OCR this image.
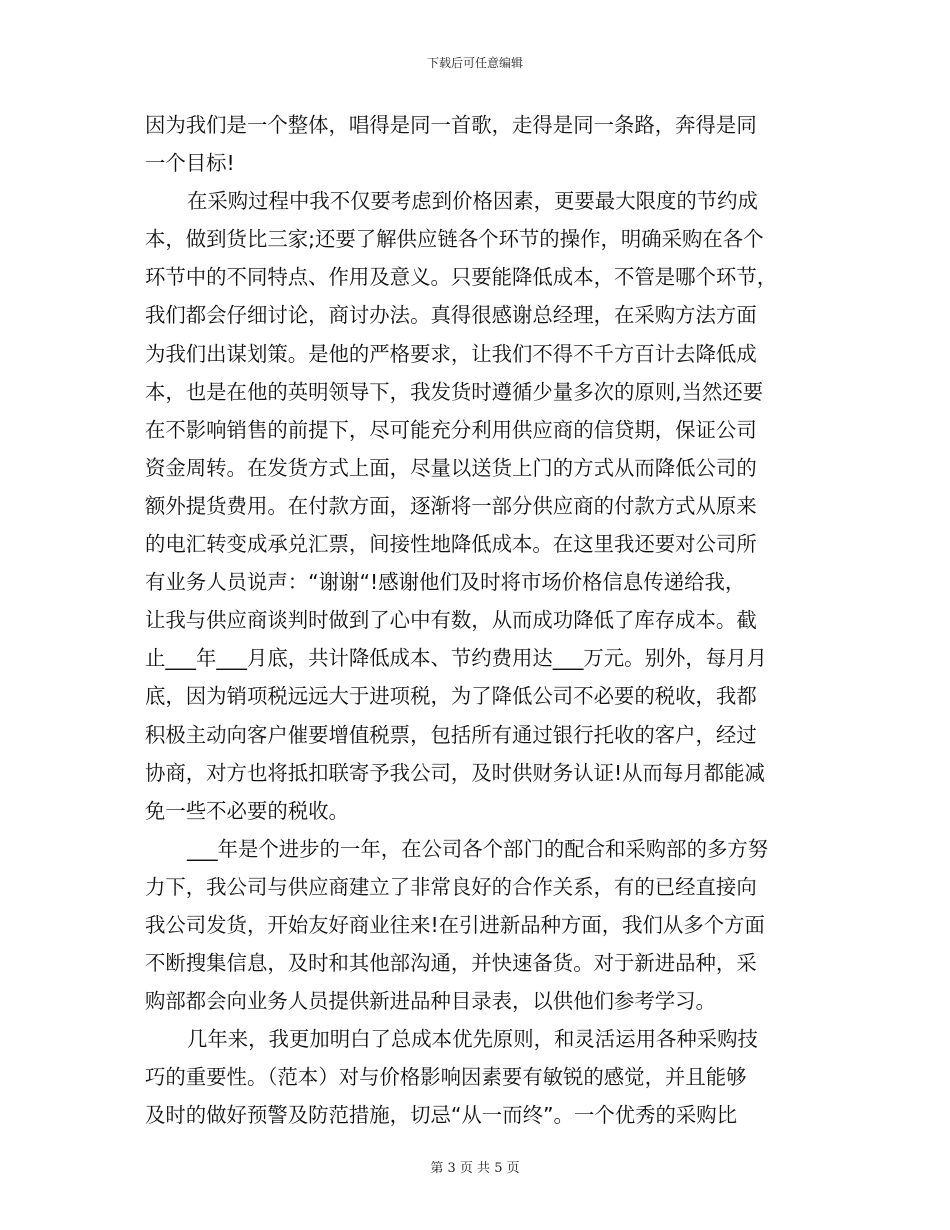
下载后可任意编辑
因为我们是一个整体，唱得是同一首歌，走得是同一条路，奔得是同
一个目标!
在采购过程中我不仅要考虑到价格因素，更要最大限度的节约成
本，做到货比三家;还要了解供应链各个环节的操作，明确采购在各个
环节中的不同特点、作用及意义。只要能降低成本，不管是哪个环节，
我们都会仔细讨论，商讨办法。真得很感谢总经理，在采购方法方面
为我们出谋划策。是他的严格要求，让我们不得不千方百计去降低成
本，也是在他的英明领导下，我发货时遵循少量多次的原则,当然还要
在不影响销售的前提下，尽可能充分利用供应商的信贷期，保证公司
资金周转。在发货方式上面，尽量以送货上门的方式从而降低公司的
额外提货费用。在付款方面，逐渐将一部分供应商的付款方式从原来
的电汇转变成承兑汇票，间接性地降低成本。在这里我还要对公司所
有业务人员说声：“谢谢“!感谢他们及时将市场价格信息传递给我，
让我与供应商谈判时做到了心中有数，从而成功降低了库存成本。截
止___年___月底，共计降低成本、节约费用达___万元。别外，每月月
底，因为销项税远远大于进项税，为了降低公司不必要的税收，我都
积极主动向客户催要增值税票，包括所有通过银行托收的客户，经过
协商，对方也将抵扣联寄予我公司，及时供财务认证!从而每月都能减
免一些不必要的税收。
___年是个进步的一年，在公司各个部门的配合和采购部的多方努
力下，我公司与供应商建立了非常良好的合作关系，有的已经直接向
我公司发货，开始友好商业往来!在引进新品种方面，我们从多个方面
不断搜集信息，及时和其他部沟通，并快速备货。对于新进品种，采
购部都会向业务人员提供新进品种目录表，以供他们参考学习。
几年来，我更加明白了总成本优先原则，和灵活运用各种采购技
巧的重要性。（范本）对与价格影响因素要有敏锐的感觉，并且能够
及时的做好预警及防范措施，切忌“从一而终”。一个优秀的采购比
第 3 页 共 5 页
